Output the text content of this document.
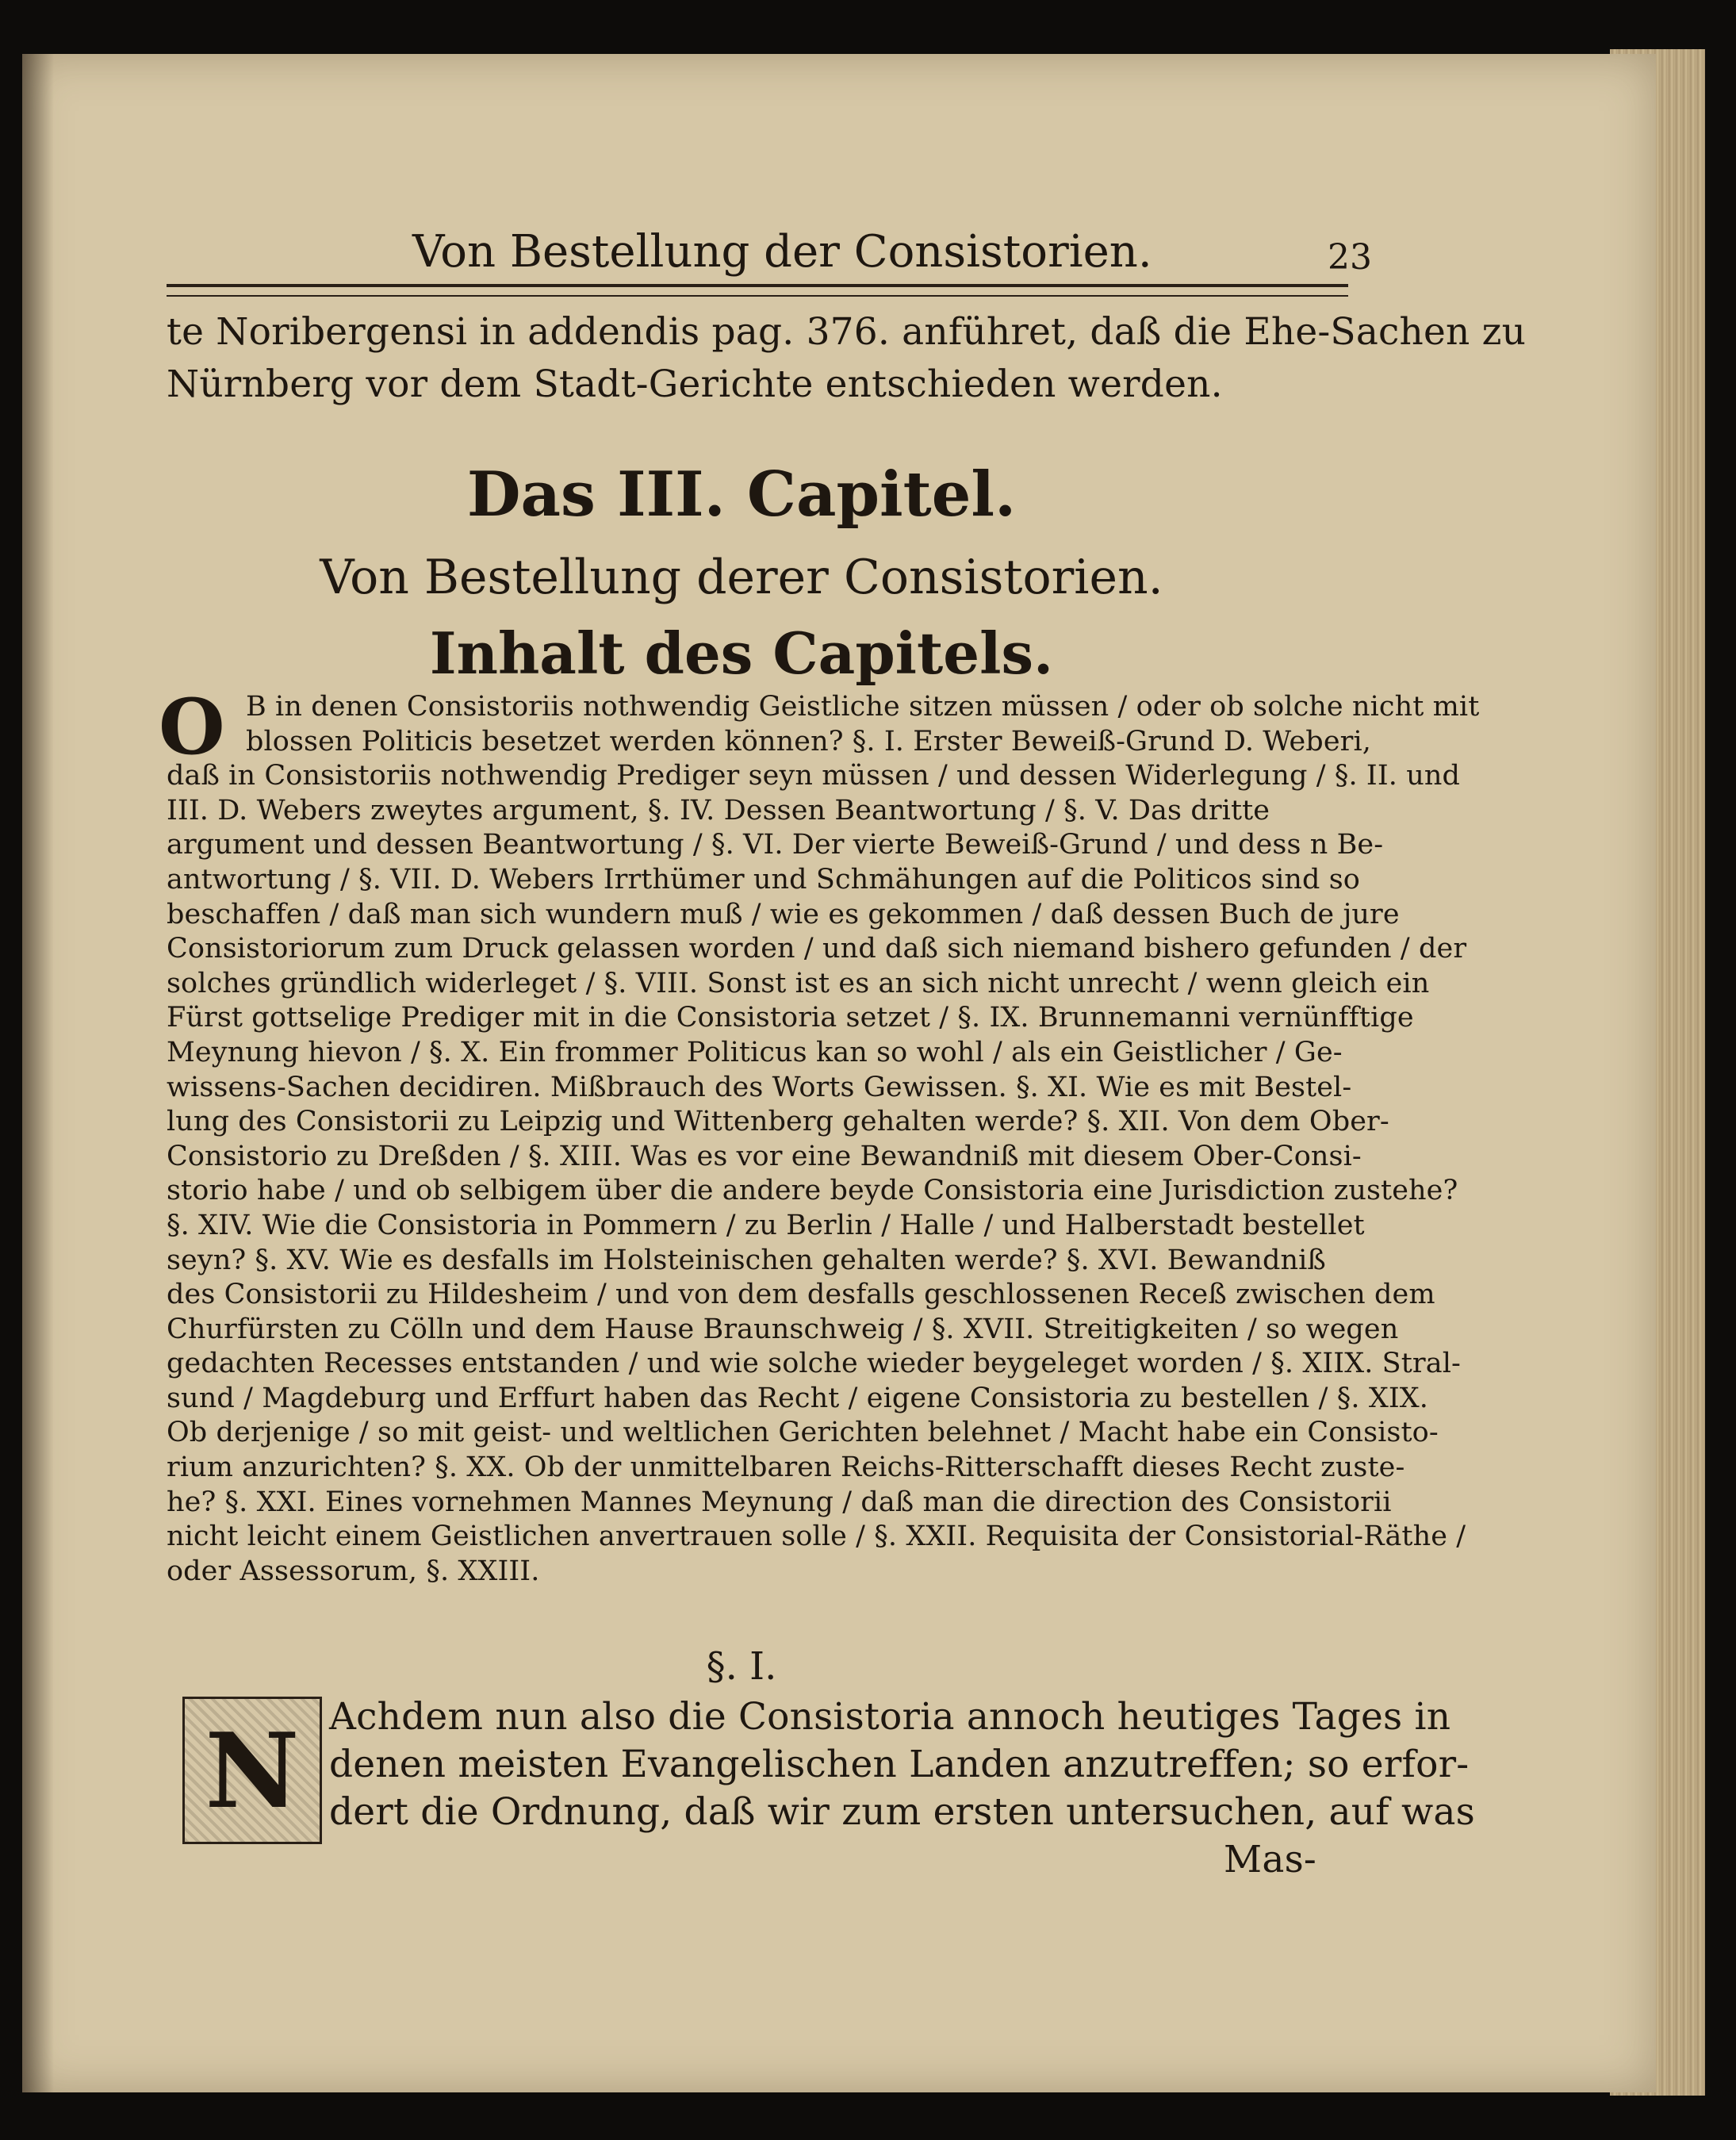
Von Bestellung der Consistorien.	23
te Noribergensi in addendis pag. 376. anführet, daß die Ehe-Sachen zu
Nürnberg vor dem Stadt-Gerichte entschieden werden.
Das III. Capitel.
Von Bestellung derer Consistorien.
Inhalt des Capitels.
O B in denen Consistoriis nothwendig Geistliche sitzen müssen / oder ob solche nicht mit
blossen Politicis besetzet werden können? §. I. Erster Beweiß-Grund D. Weberi,
daß in Consistoriis nothwendig Prediger seyn müssen / und dessen Widerlegung / §. II. und
III. D. Webers zweytes argument, §. IV. Dessen Beantwortung / §. V. Das dritte
argument und dessen Beantwortung / §. VI. Der vierte Beweiß-Grund / und dess n Be-
antwortung / §. VII. D. Webers Irrthümer und Schmähungen auf die Politicos sind so
beschaffen / daß man sich wundern muß / wie es gekommen / daß dessen Buch de jure
Consistoriorum zum Druck gelassen worden / und daß sich niemand bishero gefunden / der
solches gründlich widerleget / §. VIII. Sonst ist es an sich nicht unrecht / wenn gleich ein
Fürst gottselige Prediger mit in die Consistoria setzet / §. IX. Brunnemanni vernünfftige
Meynung hievon / §. X. Ein frommer Politicus kan so wohl / als ein Geistlicher / Ge-
wissens-Sachen decidiren. Mißbrauch des Worts Gewissen. §. XI. Wie es mit Bestel-
lung des Consistorii zu Leipzig und Wittenberg gehalten werde? §. XII. Von dem Ober-
Consistorio zu Dreßden / §. XIII. Was es vor eine Bewandniß mit diesem Ober-Consi-
storio habe / und ob selbigem über die andere beyde Consistoria eine Jurisdiction zustehe?
§. XIV. Wie die Consistoria in Pommern / zu Berlin / Halle / und Halberstadt bestellet
seyn? §. XV. Wie es desfalls im Holsteinischen gehalten werde? §. XVI. Bewandniß
des Consistorii zu Hildesheim / und von dem desfalls geschlossenen Receß zwischen dem
Churfürsten zu Cölln und dem Hause Braunschweig / §. XVII. Streitigkeiten / so wegen
gedachten Recesses entstanden / und wie solche wieder beygeleget worden / §. XIIX. Stral-
sund / Magdeburg und Erffurt haben das Recht / eigene Consistoria zu bestellen / §. XIX.
Ob derjenige / so mit geist- und weltlichen Gerichten belehnet / Macht habe ein Consisto-
rium anzurichten? §. XX. Ob der unmittelbaren Reichs-Ritterschafft dieses Recht zuste-
he? §. XXI. Eines vornehmen Mannes Meynung / daß man die direction des Consistorii
nicht leicht einem Geistlichen anvertrauen solle / §. XXII. Requisita der Consistorial-Räthe /
oder Assessorum, §. XXIII.
§. I.
N Achdem nun also die Consistoria annoch heutiges Tages in
denen meisten Evangelischen Landen anzutreffen; so erfor-
dert die Ordnung, daß wir zum ersten untersuchen, auf was
Mas-
